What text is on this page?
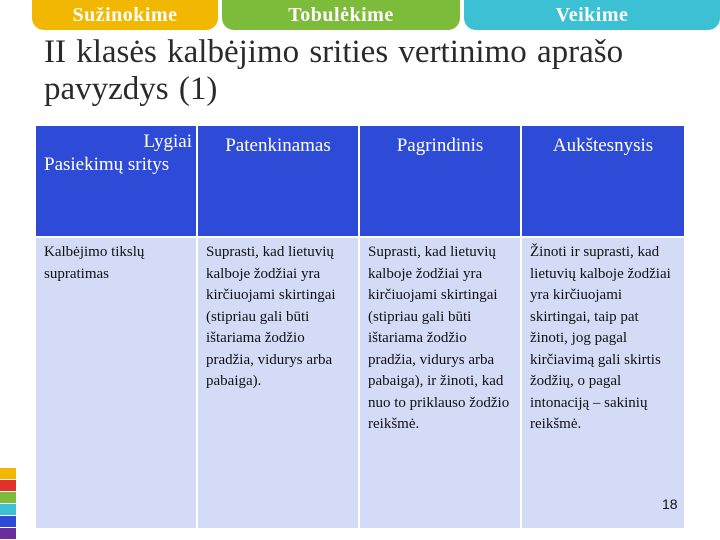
Sužinokime	Tobulėkime	Veikime
II klasės kalbėjimo srities vertinimo aprašo pavyzdys (1)
Lygiai
Pasiekimų sritys	Patenkinamas	Pagrindinis	Aukštesnysis
Kalbėjimo tikslų supratimas	Suprasti, kad lietuvių kalboje žodžiai yra kirčiuojami skirtingai (stipriau gali būti ištariama žodžio pradžia, vidurys arba pabaiga).	Suprasti, kad lietuvių kalboje žodžiai yra kirčiuojami skirtingai (stipriau gali būti ištariama žodžio pradžia, vidurys arba pabaiga), ir žinoti, kad nuo to priklauso žodžio reikšmė.	Žinoti ir suprasti, kad lietuvių kalboje žodžiai yra kirčiuojami skirtingai, taip pat žinoti, jog pagal kirčiavimą gali skirtis žodžių, o pagal intonaciją – sakinių reikšmė.
18
